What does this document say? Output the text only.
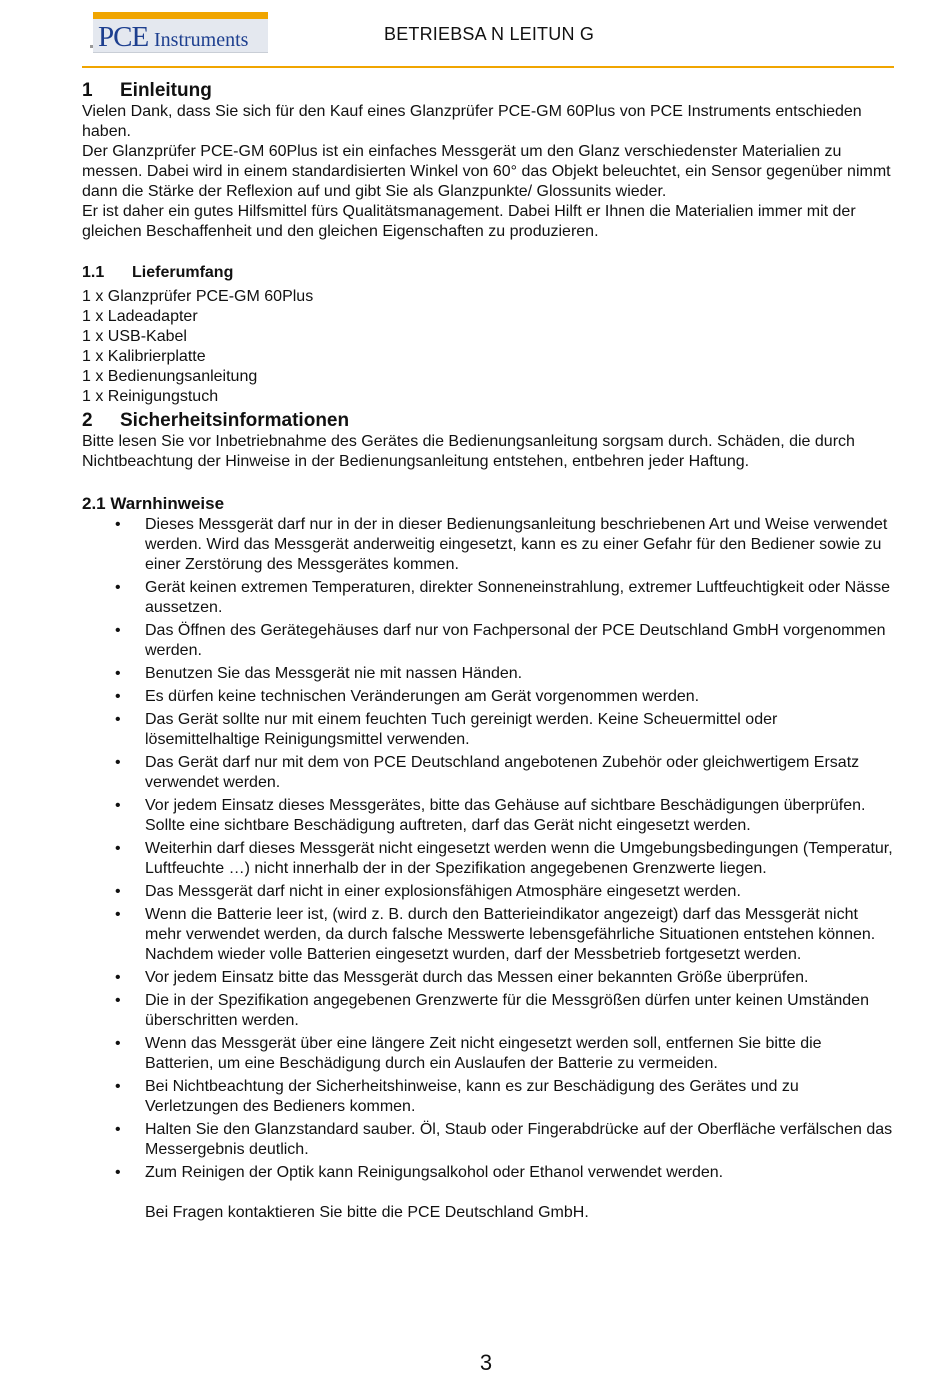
PCE Instruments	BETRIEBSA N LEITUN G
1 Einleitung

Vielen Dank, dass Sie sich für den Kauf eines Glanzprüfer PCE-GM 60Plus von PCE Instruments entschieden haben.

Der Glanzprüfer PCE-GM 60Plus ist ein einfaches Messgerät um den Glanz verschiedenster Materialien zu messen. Dabei wird in einem standardisierten Winkel von 60° das Objekt beleuchtet, ein Sensor gegenüber nimmt dann die Stärke der Reflexion auf und gibt Sie als Glanzpunkte/ Glossunits wieder.

Er ist daher ein gutes Hilfsmittel fürs Qualitätsmanagement. Dabei Hilft er Ihnen die Materialien immer mit der gleichen Beschaffenheit und den gleichen Eigenschaften zu produzieren.

1.1 Lieferumfang

1 x Glanzprüfer PCE-GM 60Plus

1 x Ladeadapter

1 x USB-Kabel

1 x Kalibrierplatte

1 x Bedienungsanleitung

1 x Reinigungstuch

2 Sicherheitsinformationen

Bitte lesen Sie vor Inbetriebnahme des Gerätes die Bedienungsanleitung sorgsam durch. Schäden, die durch Nichtbeachtung der Hinweise in der Bedienungsanleitung entstehen, entbehren jeder Haftung.

2.1 Warnhinweise
• Dieses Messgerät darf nur in der in dieser Bedienungsanleitung beschriebenen Art und Weise verwendet werden. Wird das Messgerät anderweitig eingesetzt, kann es zu einer Gefahr für den Bediener sowie zu einer Zerstörung des Messgerätes kommen.
• Gerät keinen extremen Temperaturen, direkter Sonneneinstrahlung, extremer Luftfeuchtigkeit oder Nässe aussetzen.
• Das Öffnen des Gerätegehäuses darf nur von Fachpersonal der PCE Deutschland GmbH vorgenommen werden.
• Benutzen Sie das Messgerät nie mit nassen Händen.
• Es dürfen keine technischen Veränderungen am Gerät vorgenommen werden.
• Das Gerät sollte nur mit einem feuchten Tuch gereinigt werden. Keine Scheuermittel oder lösemittelhaltige Reinigungsmittel verwenden.
• Das Gerät darf nur mit dem von PCE Deutschland angebotenen Zubehör oder gleichwertigem Ersatz verwendet werden.
• Vor jedem Einsatz dieses Messgerätes, bitte das Gehäuse auf sichtbare Beschädigungen überprüfen. Sollte eine sichtbare Beschädigung auftreten, darf das Gerät nicht eingesetzt werden.
• Weiterhin darf dieses Messgerät nicht eingesetzt werden wenn die Umgebungsbedingungen (Temperatur, Luftfeuchte …) nicht innerhalb der in der Spezifikation angegebenen Grenzwerte liegen.
• Das Messgerät darf nicht in einer explosionsfähigen Atmosphäre eingesetzt werden.
• Wenn die Batterie leer ist, (wird z. B. durch den Batterieindikator angezeigt) darf das Messgerät nicht mehr verwendet werden, da durch falsche Messwerte lebensgefährliche Situationen entstehen können. Nachdem wieder volle Batterien eingesetzt wurden, darf der Messbetrieb fortgesetzt werden.
• Vor jedem Einsatz bitte das Messgerät durch das Messen einer bekannten Größe überprüfen.
• Die in der Spezifikation angegebenen Grenzwerte für die Messgrößen dürfen unter keinen Umständen überschritten werden.
• Wenn das Messgerät über eine längere Zeit nicht eingesetzt werden soll, entfernen Sie bitte die Batterien, um eine Beschädigung durch ein Auslaufen der Batterie zu vermeiden.
• Bei Nichtbeachtung der Sicherheitshinweise, kann es zur Beschädigung des Gerätes und zu Verletzungen des Bedieners kommen.
• Halten Sie den Glanzstandard sauber. Öl, Staub oder Fingerabdrücke auf der Oberfläche verfälschen das Messergebnis deutlich.
• Zum Reinigen der Optik kann Reinigungsalkohol oder Ethanol verwendet werden.

Bei Fragen kontaktieren Sie bitte die PCE Deutschland GmbH.

3
